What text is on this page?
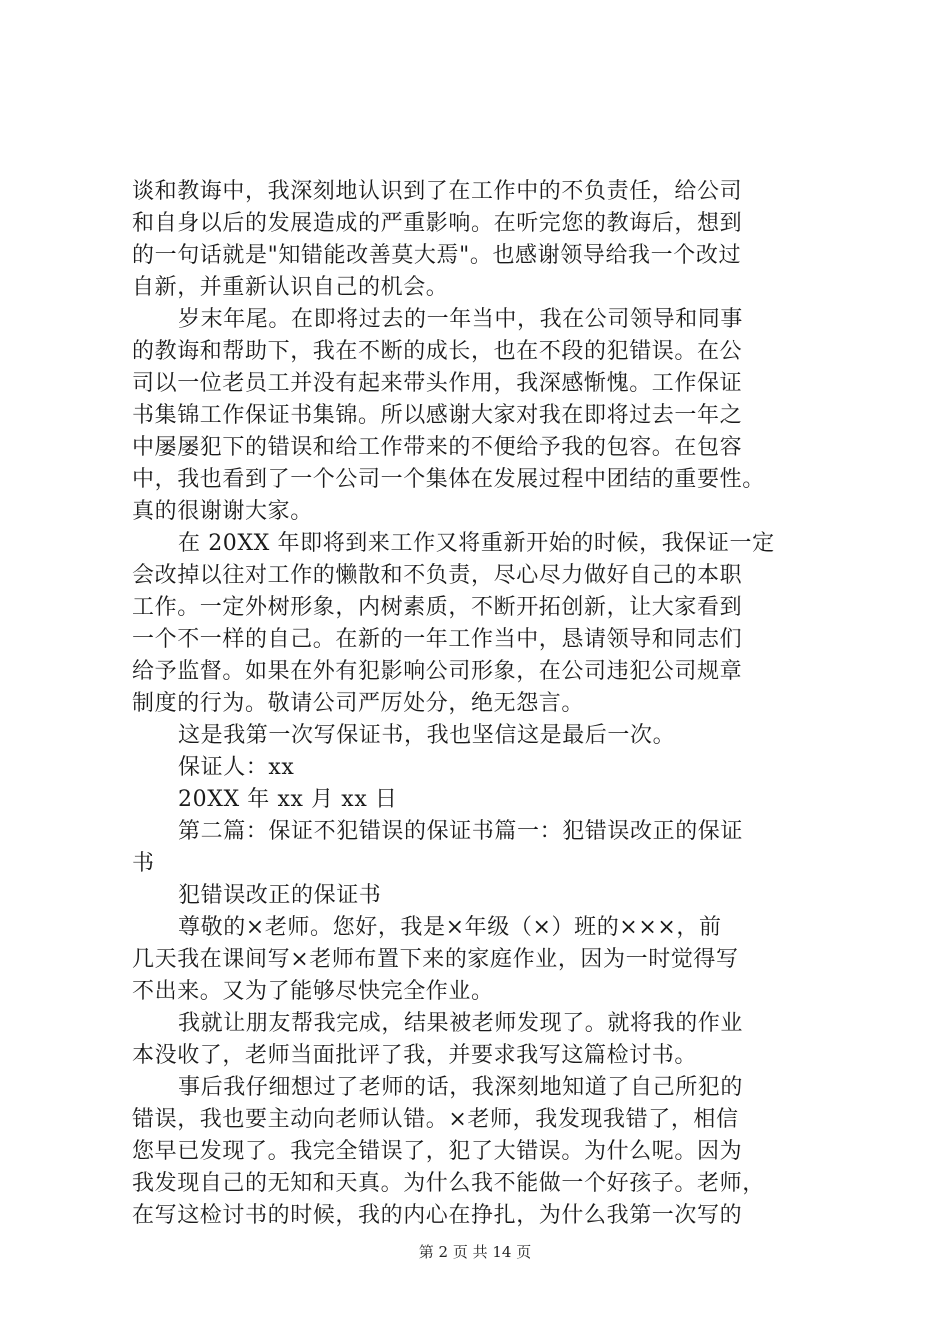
谈和教诲中，我深刻地认识到了在工作中的不负责任，给公司
和自身以后的发展造成的严重影响。在听完您的教诲后，想到
的一句话就是"知错能改善莫大焉"。也感谢领导给我一个改过
自新，并重新认识自己的机会。
岁末年尾。在即将过去的一年当中，我在公司领导和同事
的教诲和帮助下，我在不断的成长，也在不段的犯错误。在公
司以一位老员工并没有起来带头作用，我深感惭愧。工作保证
书集锦工作保证书集锦。所以感谢大家对我在即将过去一年之
中屡屡犯下的错误和给工作带来的不便给予我的包容。在包容
中，我也看到了一个公司一个集体在发展过程中团结的重要性。
真的很谢谢大家。
在 20XX 年即将到来工作又将重新开始的时候，我保证一定
会改掉以往对工作的懒散和不负责，尽心尽力做好自己的本职
工作。一定外树形象，内树素质，不断开拓创新，让大家看到
一个不一样的自己。在新的一年工作当中，恳请领导和同志们
给予监督。如果在外有犯影响公司形象，在公司违犯公司规章
制度的行为。敬请公司严厉处分，绝无怨言。
这是我第一次写保证书，我也坚信这是最后一次。
保证人：xx
20XX 年 xx 月 xx 日
第二篇：保证不犯错误的保证书篇一：犯错误改正的保证
书
犯错误改正的保证书
尊敬的×老师。您好，我是×年级（×）班的×××，前
几天我在课间写×老师布置下来的家庭作业，因为一时觉得写
不出来。又为了能够尽快完全作业。
我就让朋友帮我完成，结果被老师发现了。就将我的作业
本没收了，老师当面批评了我，并要求我写这篇检讨书。
事后我仔细想过了老师的话，我深刻地知道了自己所犯的
错误，我也要主动向老师认错。×老师，我发现我错了，相信
您早已发现了。我完全错误了，犯了大错误。为什么呢。因为
我发现自己的无知和天真。为什么我不能做一个好孩子。老师，
在写这检讨书的时候，我的内心在挣扎，为什么我第一次写的
第 2 页 共 14 页
